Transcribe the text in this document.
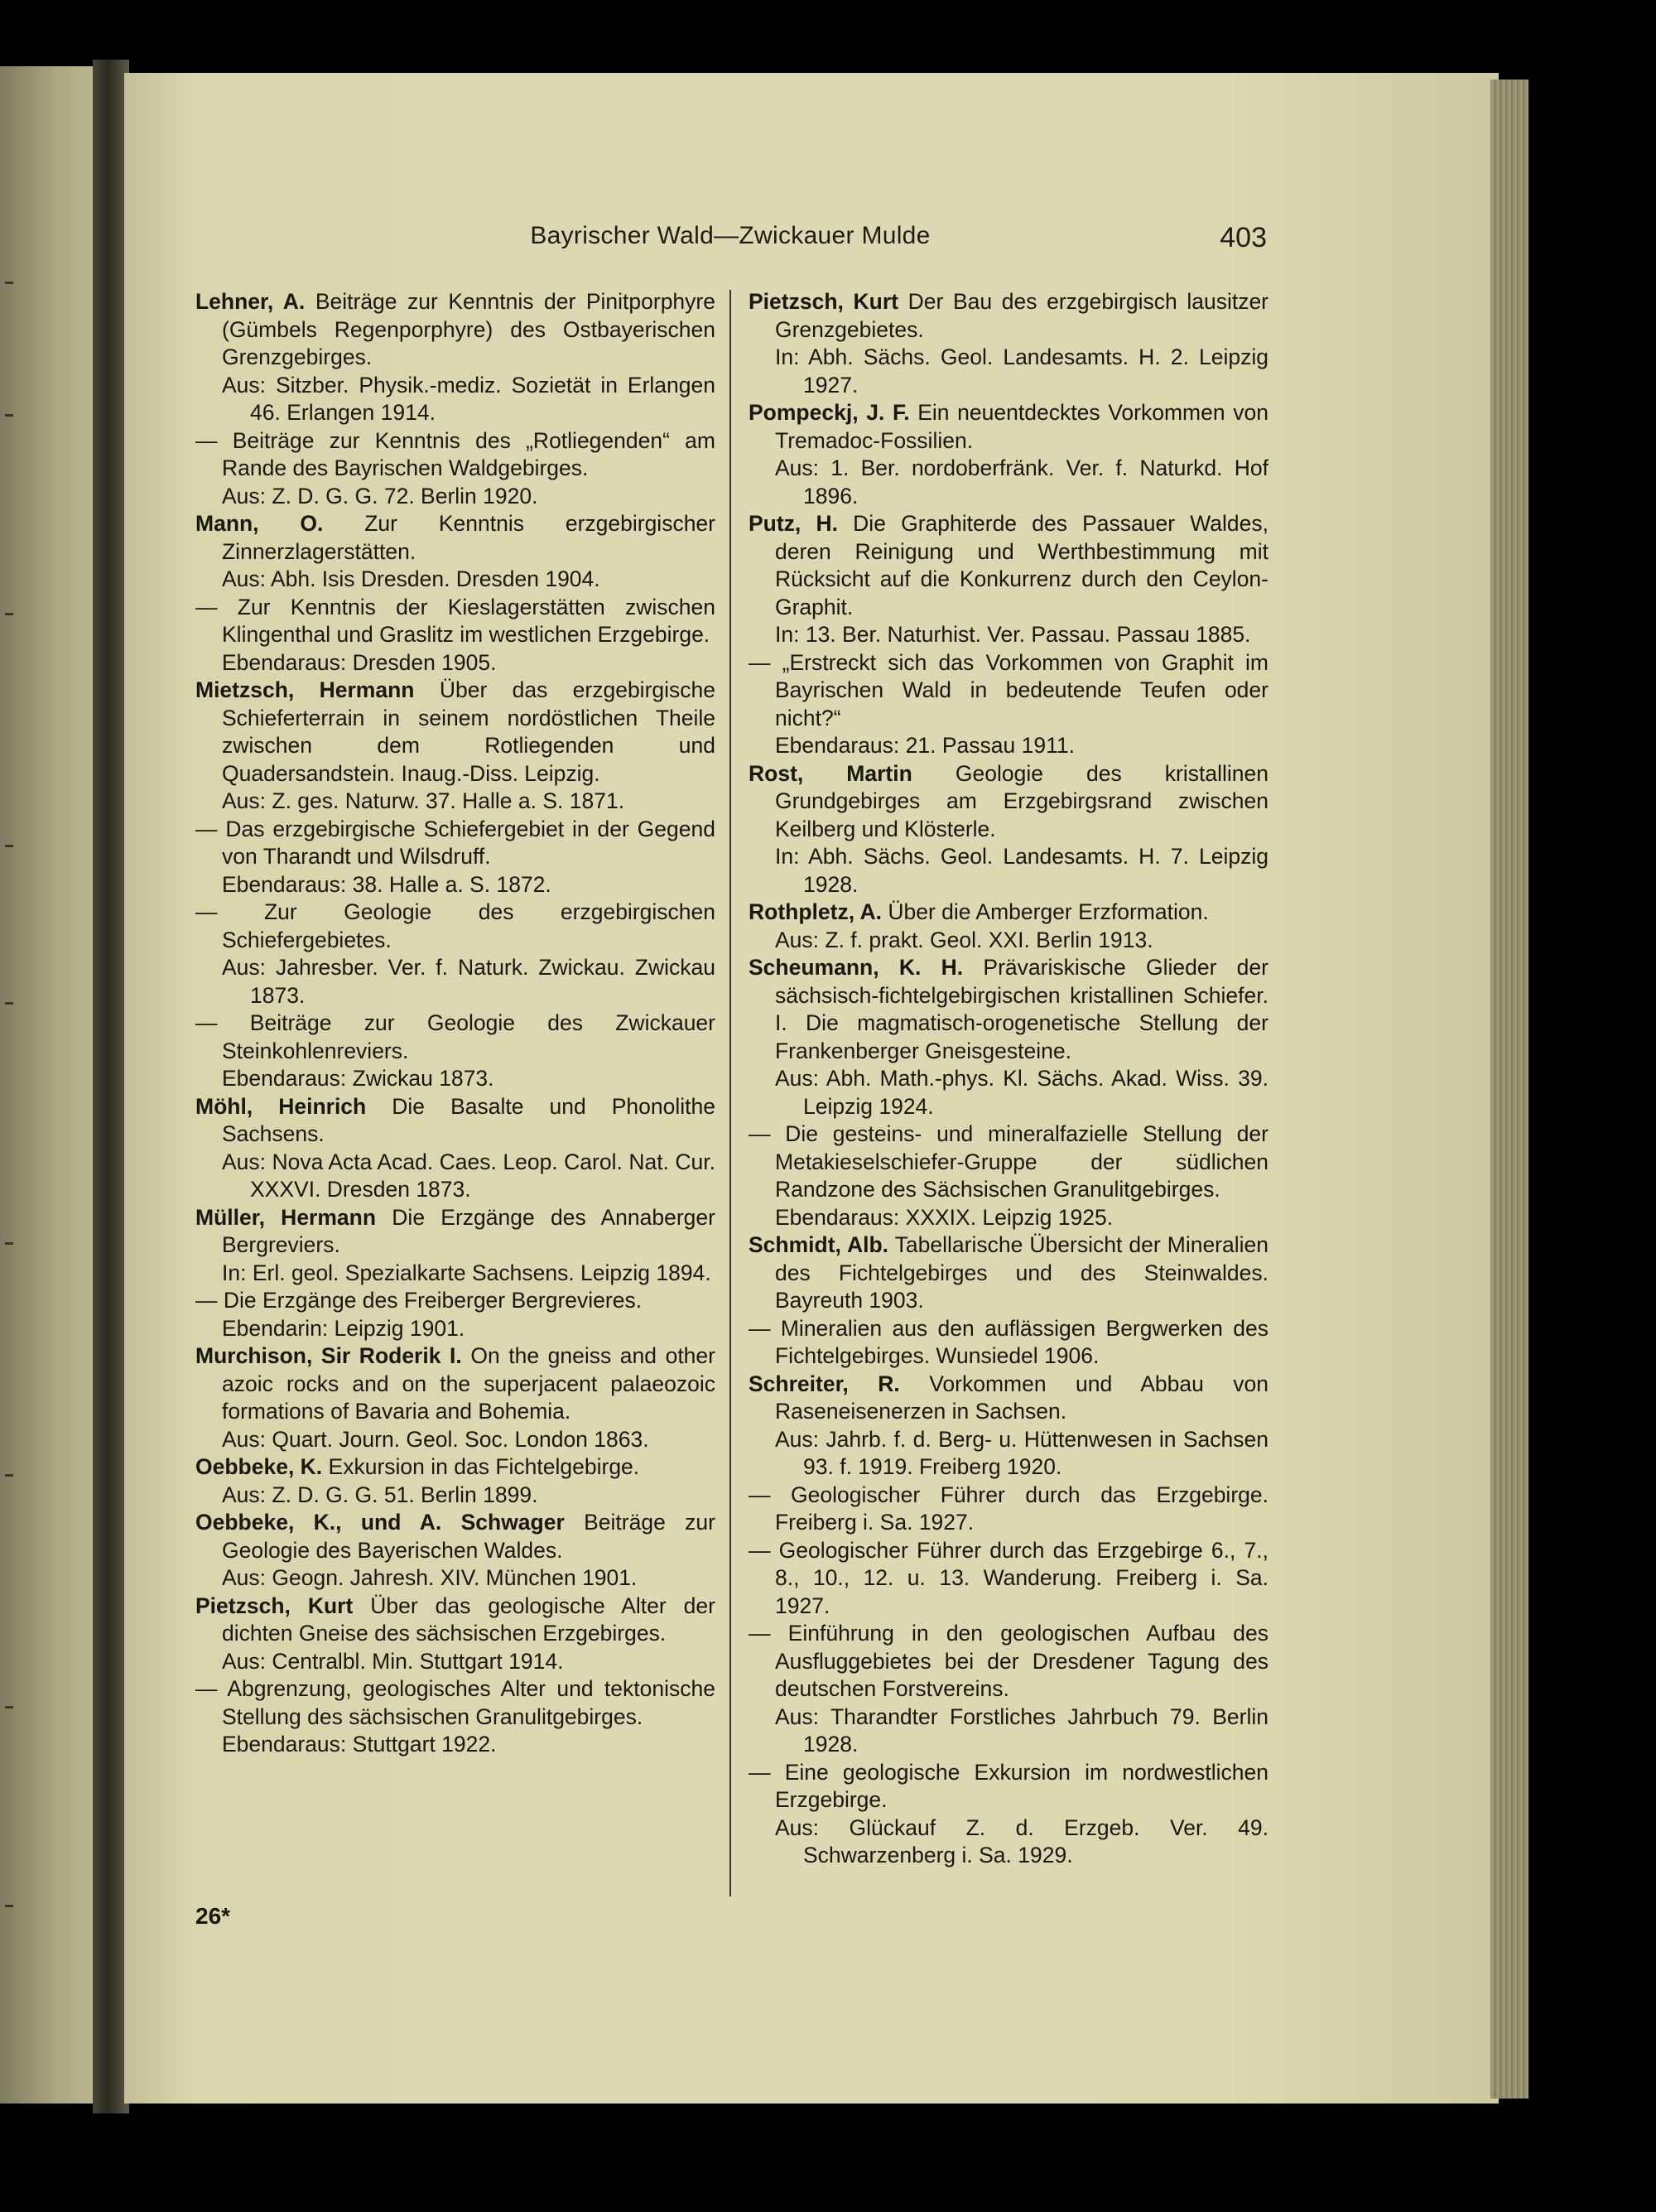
Bayrischer Wald—Zwickauer Mulde	403

Lehner, A. Beiträge zur Kenntnis der Pinitporphyre (Gümbels Regenporphyre) des Ostbayerischen Grenzgebirges.

Aus: Sitzber. Physik.-mediz. Sozietät in Erlangen 46. Erlangen 1914.

— Beiträge zur Kenntnis des „Rotliegenden“ am Rande des Bayrischen Waldgebirges.

Aus: Z. D. G. G. 72. Berlin 1920.

Mann, O. Zur Kenntnis erzgebirgischer Zinnerzlagerstätten.

Aus: Abh. Isis Dresden. Dresden 1904.

— Zur Kenntnis der Kieslagerstätten zwischen Klingenthal und Graslitz im westlichen Erzgebirge.

Ebendaraus: Dresden 1905.

Mietzsch, Hermann Über das erzgebirgische Schieferterrain in seinem nordöstlichen Theile zwischen dem Rotliegenden und Quadersandstein. Inaug.-Diss. Leipzig.

Aus: Z. ges. Naturw. 37. Halle a. S. 1871.

— Das erzgebirgische Schiefergebiet in der Gegend von Tharandt und Wilsdruff.

Ebendaraus: 38. Halle a. S. 1872.

— Zur Geologie des erzgebirgischen Schiefergebietes.

Aus: Jahresber. Ver. f. Naturk. Zwickau. Zwickau 1873.

— Beiträge zur Geologie des Zwickauer Steinkohlenreviers.

Ebendaraus: Zwickau 1873.

Möhl, Heinrich Die Basalte und Phonolithe Sachsens.

Aus: Nova Acta Acad. Caes. Leop. Carol. Nat. Cur. XXXVI. Dresden 1873.

Müller, Hermann Die Erzgänge des Annaberger Bergreviers.

In: Erl. geol. Spezialkarte Sachsens. Leipzig 1894.

— Die Erzgänge des Freiberger Bergrevieres.

Ebendarin: Leipzig 1901.

Murchison, Sir Roderik I. On the gneiss and other azoic rocks and on the superjacent palaeozoic formations of Bavaria and Bohemia.

Aus: Quart. Journ. Geol. Soc. London 1863.

Oebbeke, K. Exkursion in das Fichtelgebirge.

Aus: Z. D. G. G. 51. Berlin 1899.

Oebbeke, K., und A. Schwager Beiträge zur Geologie des Bayerischen Waldes.

Aus: Geogn. Jahresh. XIV. München 1901.

Pietzsch, Kurt Über das geologische Alter der dichten Gneise des sächsischen Erzgebirges.

Aus: Centralbl. Min. Stuttgart 1914.

— Abgrenzung, geologisches Alter und tektonische Stellung des sächsischen Granulitgebirges.

Ebendaraus: Stuttgart 1922.

Pietzsch, Kurt Der Bau des erzgebirgisch lausitzer Grenzgebietes.

In: Abh. Sächs. Geol. Landesamts. H. 2. Leipzig 1927.

Pompeckj, J. F. Ein neuentdecktes Vorkommen von Tremadoc-Fossilien.

Aus: 1. Ber. nordoberfränk. Ver. f. Naturkd. Hof 1896.

Putz, H. Die Graphiterde des Passauer Waldes, deren Reinigung und Werthbestimmung mit Rücksicht auf die Konkurrenz durch den Ceylon-Graphit.

In: 13. Ber. Naturhist. Ver. Passau. Passau 1885.

— „Erstreckt sich das Vorkommen von Graphit im Bayrischen Wald in bedeutende Teufen oder nicht?“

Ebendaraus: 21. Passau 1911.

Rost, Martin Geologie des kristallinen Grundgebirges am Erzgebirgsrand zwischen Keilberg und Klösterle.

In: Abh. Sächs. Geol. Landesamts. H. 7. Leipzig 1928.

Rothpletz, A. Über die Amberger Erzformation.

Aus: Z. f. prakt. Geol. XXI. Berlin 1913.

Scheumann, K. H. Prävariskische Glieder der sächsisch-fichtelgebirgischen kristallinen Schiefer. I. Die magmatisch-orogenetische Stellung der Frankenberger Gneisgesteine.

Aus: Abh. Math.-phys. Kl. Sächs. Akad. Wiss. 39. Leipzig 1924.

— Die gesteins- und mineralfazielle Stellung der Metakieselschiefer-Gruppe der südlichen Randzone des Sächsischen Granulitgebirges.

Ebendaraus: XXXIX. Leipzig 1925.

Schmidt, Alb. Tabellarische Übersicht der Mineralien des Fichtelgebirges und des Steinwaldes. Bayreuth 1903.

— Mineralien aus den auflässigen Bergwerken des Fichtelgebirges. Wunsiedel 1906.

Schreiter, R. Vorkommen und Abbau von Raseneisenerzen in Sachsen.

Aus: Jahrb. f. d. Berg- u. Hüttenwesen in Sachsen 93. f. 1919. Freiberg 1920.

— Geologischer Führer durch das Erzgebirge. Freiberg i. Sa. 1927.

— Geologischer Führer durch das Erzgebirge 6., 7., 8., 10., 12. u. 13. Wanderung. Freiberg i. Sa. 1927.

— Einführung in den geologischen Aufbau des Ausfluggebietes bei der Dresdener Tagung des deutschen Forstvereins.

Aus: Tharandter Forstliches Jahrbuch 79. Berlin 1928.

— Eine geologische Exkursion im nordwestlichen Erzgebirge.

Aus: Glückauf Z. d. Erzgeb. Ver. 49. Schwarzenberg i. Sa. 1929.

26*
